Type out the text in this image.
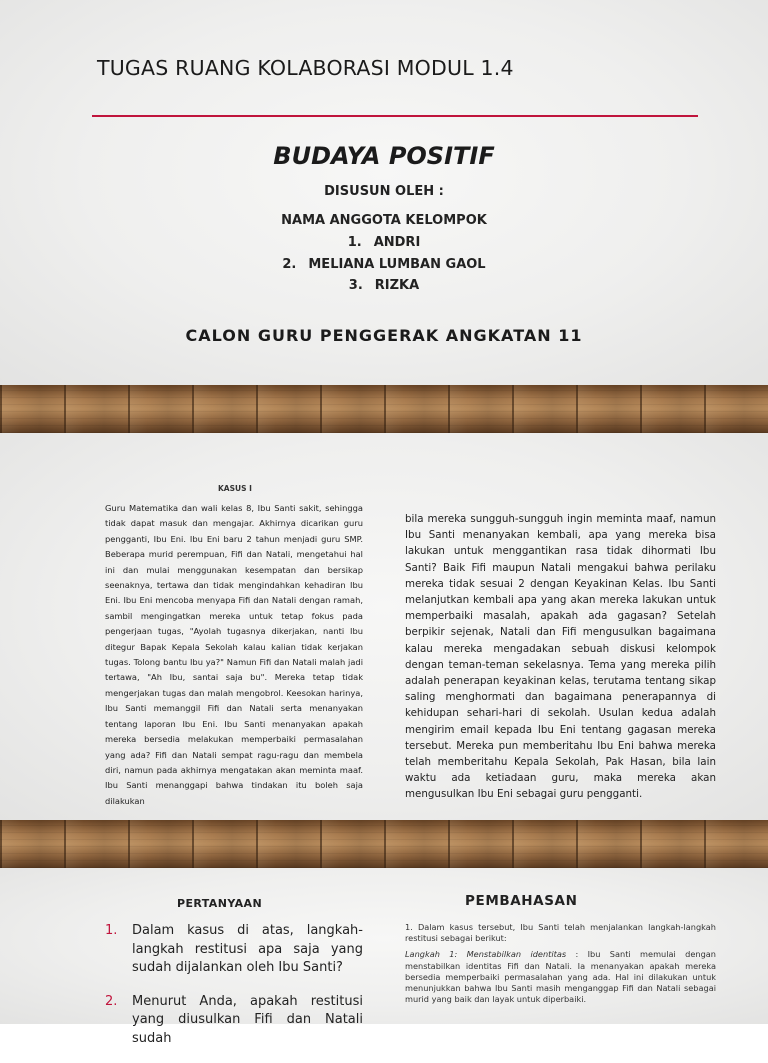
TUGAS RUANG KOLABORASI MODUL 1.4
BUDAYA POSITIF
DISUSUN OLEH :
NAMA ANGGOTA KELOMPOK
1. ANDRI
2. MELIANA LUMBAN GAOL
3. RIZKA
CALON GURU PENGGERAK ANGKATAN 11
KASUS I

Guru Matematika dan wali kelas 8, Ibu Santi sakit, sehingga tidak dapat masuk dan mengajar. Akhirnya dicarikan guru pengganti, Ibu Eni. Ibu Eni baru 2 tahun menjadi guru SMP. Beberapa murid perempuan, Fifi dan Natali, mengetahui hal ini dan mulai menggunakan kesempatan dan bersikap seenaknya, tertawa dan tidak mengindahkan kehadiran Ibu Eni. Ibu Eni mencoba menyapa Fifi dan Natali dengan ramah, sambil mengingatkan mereka untuk tetap fokus pada pengerjaan tugas, "Ayolah tugasnya dikerjakan, nanti Ibu ditegur Bapak Kepala Sekolah kalau kalian tidak kerjakan tugas. Tolong bantu Ibu ya?" Namun Fifi dan Natali malah jadi tertawa, "Ah Ibu, santai saja bu". Mereka tetap tidak mengerjakan tugas dan malah mengobrol. Keesokan harinya, Ibu Santi memanggil Fifi dan Natali serta menanyakan tentang laporan Ibu Eni. Ibu Santi menanyakan apakah mereka bersedia melakukan memperbaiki permasalahan yang ada? Fifi dan Natali sempat ragu-ragu dan membela diri, namun pada akhirnya mengatakan akan meminta maaf. Ibu Santi menanggapi bahwa tindakan itu boleh saja dilakukan

bila mereka sungguh-sungguh ingin meminta maaf, namun Ibu Santi menanyakan kembali, apa yang mereka bisa lakukan untuk menggantikan rasa tidak dihormati Ibu Santi? Baik Fifi maupun Natali mengakui bahwa perilaku mereka tidak sesuai 2 dengan Keyakinan Kelas. Ibu Santi melanjutkan kembali apa yang akan mereka lakukan untuk memperbaiki masalah, apakah ada gagasan? Setelah berpikir sejenak, Natali dan Fifi mengusulkan bagaimana kalau mereka mengadakan sebuah diskusi kelompok dengan teman-teman sekelasnya. Tema yang mereka pilih adalah penerapan keyakinan kelas, terutama tentang sikap saling menghormati dan bagaimana penerapannya di kehidupan sehari-hari di sekolah. Usulan kedua adalah mengirim email kepada Ibu Eni tentang gagasan mereka tersebut. Mereka pun memberitahu Ibu Eni bahwa mereka telah memberitahu Kepala Sekolah, Pak Hasan, bila lain waktu ada ketiadaan guru, maka mereka akan mengusulkan Ibu Eni sebagai guru pengganti.

PERTANYAAN
1. Dalam kasus di atas, langkah-langkah restitusi apa saja yang sudah dijalankan oleh Ibu Santi?
2. Menurut Anda, apakah restitusi yang diusulkan Fifi dan Natali sudah
PEMBAHASAN

1. Dalam kasus tersebut, Ibu Santi telah menjalankan langkah-langkah restitusi sebagai berikut:

Langkah 1: Menstabilkan identitas : Ibu Santi memulai dengan menstabilkan identitas Fifi dan Natali. Ia menanyakan apakah mereka bersedia memperbaiki permasalahan yang ada. Hal ini dilakukan untuk menunjukkan bahwa Ibu Santi masih menganggap Fifi dan Natali sebagai murid yang baik dan layak untuk diperbaiki.
